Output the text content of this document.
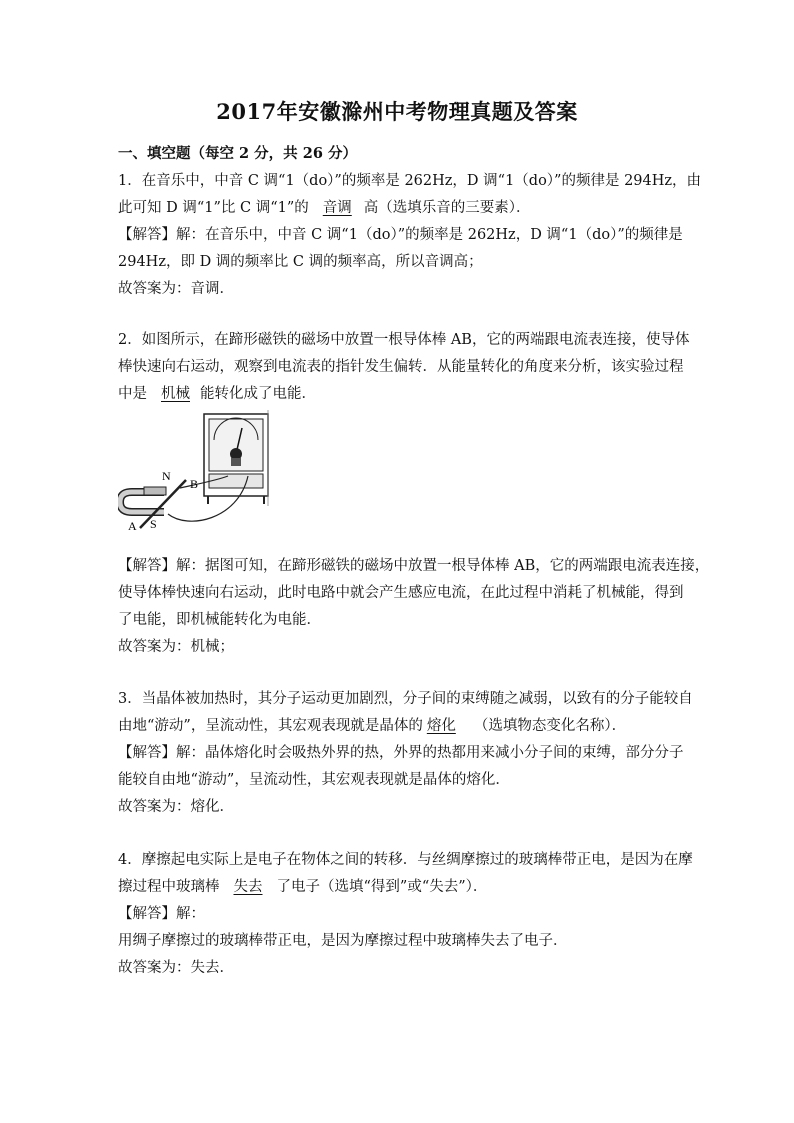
2017年安徽滁州中考物理真题及答案
一、填空题（每空 2 分，共 26 分）
1．在音乐中，中音 C 调“1（do）”的频率是 262Hz，D 调“1（do）”的频律是 294Hz，由
此可知 D 调“1”比 C 调“1”的 音调 高（选填乐音的三要素）．
【解答】解：在音乐中，中音 C 调“1（do）”的频率是 262Hz，D 调“1（do）”的频律是
294Hz，即 D 调的频率比 C 调的频率高，所以音调高；
故答案为：音调．
2．如图所示，在蹄形磁铁的磁场中放置一根导体棒 AB，它的两端跟电流表连接，使导体
棒快速向右运动，观察到电流表的指针发生偏转．从能量转化的角度来分析，该实验过程
中是 机械 能转化成了电能．
N
B
A S
【解答】解：据图可知，在蹄形磁铁的磁场中放置一根导体棒 AB，它的两端跟电流表连接，
使导体棒快速向右运动，此时电路中就会产生感应电流，在此过程中消耗了机械能，得到
了电能，即机械能转化为电能．
故答案为：机械；
3．当晶体被加热时，其分子运动更加剧烈，分子间的束缚随之减弱，以致有的分子能较自
由地“游动”，呈流动性，其宏观表现就是晶体的 熔化 （选填物态变化名称）．
【解答】解：晶体熔化时会吸热外界的热，外界的热都用来减小分子间的束缚，部分分子
能较自由地“游动”，呈流动性，其宏观表现就是晶体的熔化．
故答案为：熔化．
4．摩擦起电实际上是电子在物体之间的转移．与丝绸摩擦过的玻璃棒带正电，是因为在摩
擦过程中玻璃棒 失去 了电子（选填“得到”或“失去”）．
【解答】解：
用绸子摩擦过的玻璃棒带正电，是因为摩擦过程中玻璃棒失去了电子．
故答案为：失去．
